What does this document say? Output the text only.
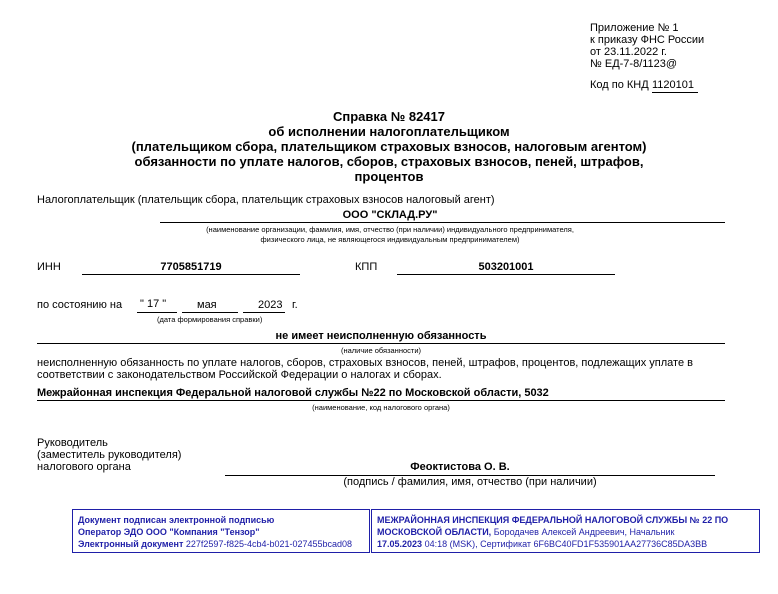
Приложение № 1
к приказу ФНС России
от 23.11.2022 г.
№ ЕД-7-8/1123@
Код по КНД 1120101
Справка № 82417
об исполнении налогоплательщиком
(плательщиком сбора, плательщиком страховых взносов, налоговым агентом)
обязанности по уплате налогов, сборов, страховых взносов, пеней, штрафов,
процентов
Налогоплательщик (плательщик сбора, плательщик страховых взносов налоговый агент)
ООО "СКЛАД.РУ"
(наименование организации, фамилия, имя, отчество (при наличии) индивидуального предпринимателя,
физического лица, не являющегося индивидуальным предпринимателем)
ИНН	7705851719	КПП	503201001
по состоянию на " 17 "	мая	2023 г.
(дата формирования справки)
не имеет неисполненную обязанность
(наличие обязанности)
неисполненную обязанность по уплате налогов, сборов, страховых взносов, пеней, штрафов, процентов, подлежащих уплате в
соответствии с законодательством Российской Федерации о налогах и сборах.
Межрайонная инспекция Федеральной налоговой службы №22 по Московской области, 5032
(наименование, код налогового органа)
Руководитель
(заместитель руководителя)
налогового органа	Феоктистова О. В.
(подпись / фамилия, имя, отчество (при наличии)
Документ подписан электронной подписью
Оператор ЭДО ООО "Компания "Тензор"
Электронный документ 227f2597-f825-4cb4-b021-027455bcad08
МЕЖРАЙОННАЯ ИНСПЕКЦИЯ ФЕДЕРАЛЬНОЙ НАЛОГОВОЙ СЛУЖБЫ № 22 ПО
МОСКОВСКОЙ ОБЛАСТИ, Бородачев Алексей Андреевич, Начальник
17.05.2023 04:18 (MSK), Сертификат 6F6BC40FD1F535901AA27736C85DA3BB
